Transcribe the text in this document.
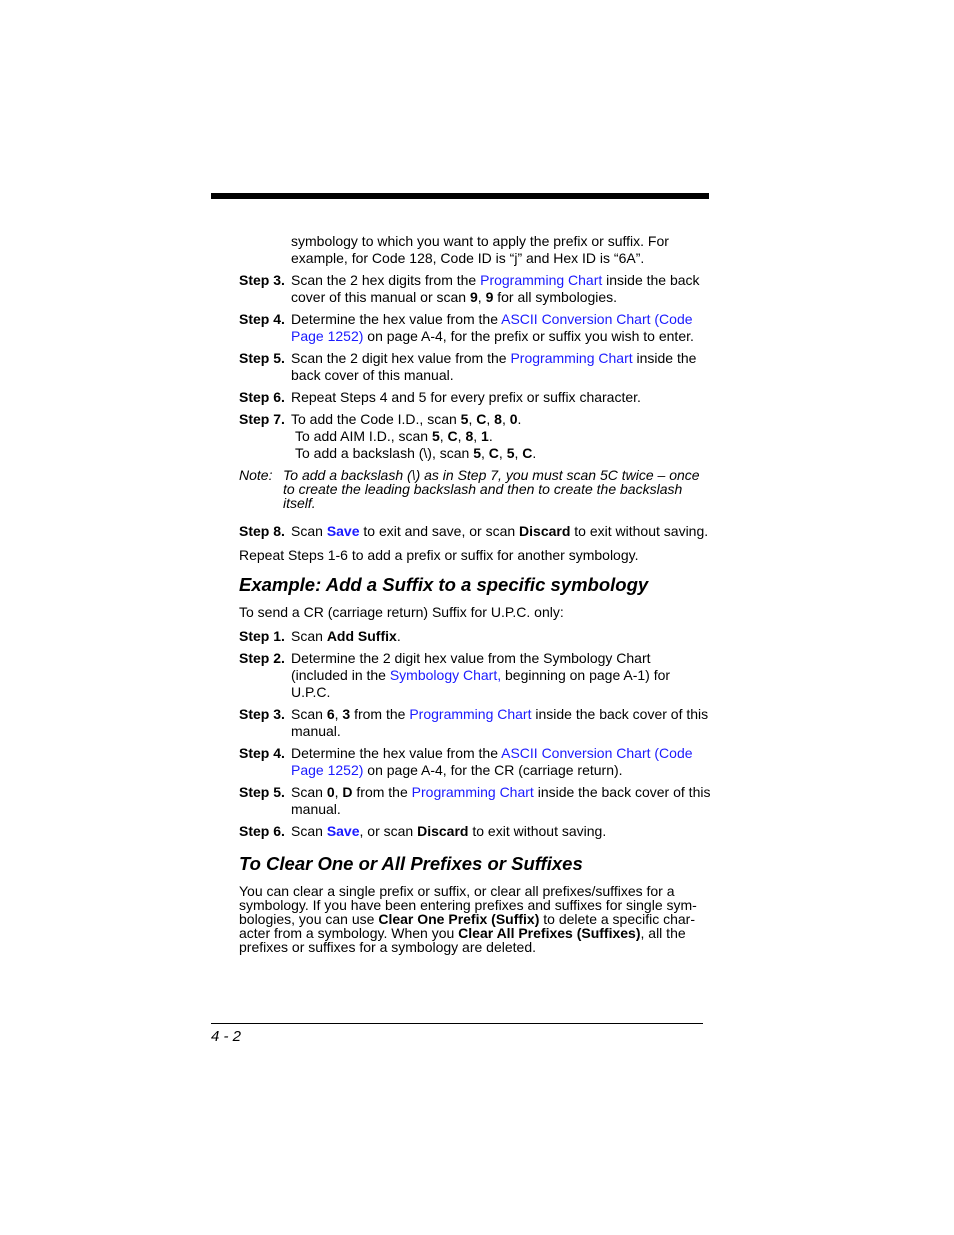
symbology to which you want to apply the prefix or suffix. For
example, for Code 128, Code ID is “j” and Hex ID is “6A”.
Step 3. Scan the 2 hex digits from the Programming Chart inside the back
cover of this manual or scan 9, 9 for all symbologies.
Step 4. Determine the hex value from the ASCII Conversion Chart (Code
Page 1252) on page A-4, for the prefix or suffix you wish to enter.
Step 5. Scan the 2 digit hex value from the Programming Chart inside the
back cover of this manual.
Step 6. Repeat Steps 4 and 5 for every prefix or suffix character.
Step 7. To add the Code I.D., scan 5, C, 8, 0.
To add AIM I.D., scan 5, C, 8, 1.
To add a backslash (\), scan 5, C, 5, C.
Note: To add a backslash (\) as in Step 7, you must scan 5C twice – once
to create the leading backslash and then to create the backslash
itself.
Step 8. Scan Save to exit and save, or scan Discard to exit without saving.
Repeat Steps 1-6 to add a prefix or suffix for another symbology.
Example: Add a Suffix to a specific symbology
To send a CR (carriage return) Suffix for U.P.C. only:
Step 1. Scan Add Suffix.
Step 2. Determine the 2 digit hex value from the Symbology Chart
(included in the Symbology Chart, beginning on page A-1) for
U.P.C.
Step 3. Scan 6, 3 from the Programming Chart inside the back cover of this
manual.
Step 4. Determine the hex value from the ASCII Conversion Chart (Code
Page 1252) on page A-4, for the CR (carriage return).
Step 5. Scan 0, D from the Programming Chart inside the back cover of this
manual.
Step 6. Scan Save, or scan Discard to exit without saving.
To Clear One or All Prefixes or Suffixes
You can clear a single prefix or suffix, or clear all prefixes/suffixes for a
symbology. If you have been entering prefixes and suffixes for single sym-
bologies, you can use Clear One Prefix (Suffix) to delete a specific char-
acter from a symbology. When you Clear All Prefixes (Suffixes), all the
prefixes or suffixes for a symbology are deleted.
4 - 2
